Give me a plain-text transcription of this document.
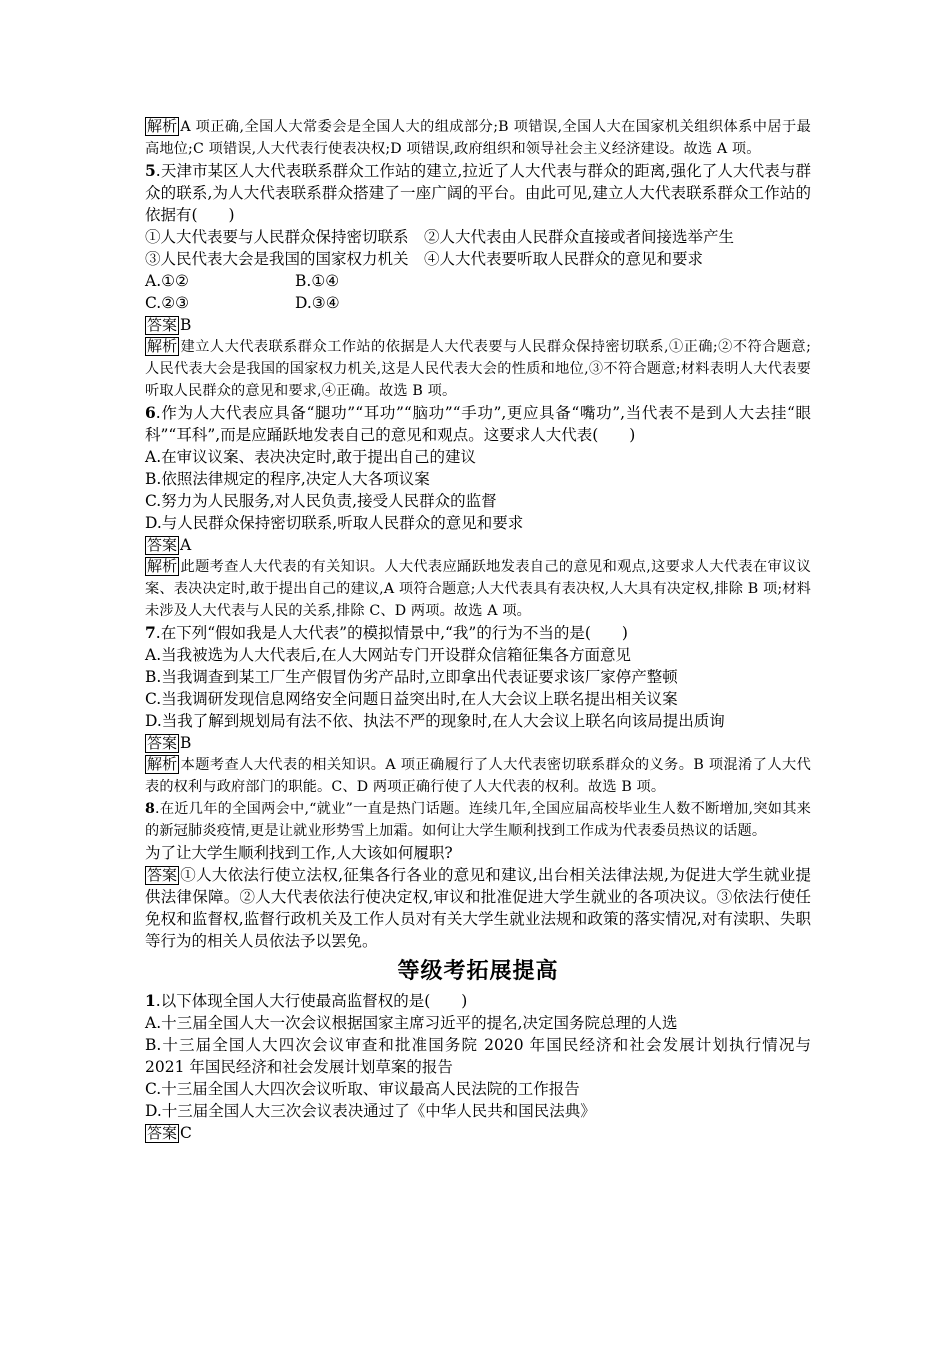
解析 A 项正确,全国人大常委会是全国人大的组成部分;B 项错误,全国人大在国家机关组织体系中居于最高地位;C 项错误,人大代表行使表决权;D 项错误,政府组织和领导社会主义经济建设。故选 A 项。

5.天津市某区人大代表联系群众工作站的建立,拉近了人大代表与群众的距离,强化了人大代表与群众的联系,为人大代表联系群众搭建了一座广阔的平台。由此可见,建立人大代表联系群众工作站的依据有(　　)

①人大代表要与人民群众保持密切联系　②人大代表由人民群众直接或者间接选举产生

③人民代表大会是我国的国家权力机关　④人大代表要听取人民群众的意见和要求

A.①②	B.①④
C.②③	D.③④

答案 B

解析 建立人大代表联系群众工作站的依据是人大代表要与人民群众保持密切联系,①正确;②不符合题意;人民代表大会是我国的国家权力机关,这是人民代表大会的性质和地位,③不符合题意;材料表明人大代表要听取人民群众的意见和要求,④正确。故选 B 项。

6.作为人大代表应具备“腿功”“耳功”“脑功”“手功”,更应具备“嘴功”,当代表不是到人大去挂“眼科”“耳科”,而是应踊跃地发表自己的意见和观点。这要求人大代表(　　)

A.在审议议案、表决决定时,敢于提出自己的建议

B.依照法律规定的程序,决定人大各项议案

C.努力为人民服务,对人民负责,接受人民群众的监督

D.与人民群众保持密切联系,听取人民群众的意见和要求

答案 A

解析 此题考查人大代表的有关知识。人大代表应踊跃地发表自己的意见和观点,这要求人大代表在审议议案、表决决定时,敢于提出自己的建议,A 项符合题意;人大代表具有表决权,人大具有决定权,排除 B 项;材料未涉及人大代表与人民的关系,排除 C、D 两项。故选 A 项。

7.在下列“假如我是人大代表”的模拟情景中,“我”的行为不当的是(　　)

A.当我被选为人大代表后,在人大网站专门开设群众信箱征集各方面意见

B.当我调查到某工厂生产假冒伪劣产品时,立即拿出代表证要求该厂家停产整顿

C.当我调研发现信息网络安全问题日益突出时,在人大会议上联名提出相关议案

D.当我了解到规划局有法不依、执法不严的现象时,在人大会议上联名向该局提出质询

答案 B

解析 本题考查人大代表的相关知识。A 项正确履行了人大代表密切联系群众的义务。B 项混淆了人大代表的权利与政府部门的职能。C、D 两项正确行使了人大代表的权利。故选 B 项。

8.在近几年的全国两会中,“就业”一直是热门话题。连续几年,全国应届高校毕业生人数不断增加,突如其来的新冠肺炎疫情,更是让就业形势雪上加霜。如何让大学生顺利找到工作成为代表委员热议的话题。

为了让大学生顺利找到工作,人大该如何履职?

答案 ①人大依法行使立法权,征集各行各业的意见和建议,出台相关法律法规,为促进大学生就业提供法律保障。②人大代表依法行使决定权,审议和批准促进大学生就业的各项决议。③依法行使任免权和监督权,监督行政机关及工作人员对有关大学生就业法规和政策的落实情况,对有渎职、失职等行为的相关人员依法予以罢免。

等级考拓展提高

1.以下体现全国人大行使最高监督权的是(　　)

A.十三届全国人大一次会议根据国家主席习近平的提名,决定国务院总理的人选

B.十三届全国人大四次会议审查和批准国务院 2020 年国民经济和社会发展计划执行情况与 2021 年国民经济和社会发展计划草案的报告

C.十三届全国人大四次会议听取、审议最高人民法院的工作报告

D.十三届全国人大三次会议表决通过了《中华人民共和国民法典》

答案 C
